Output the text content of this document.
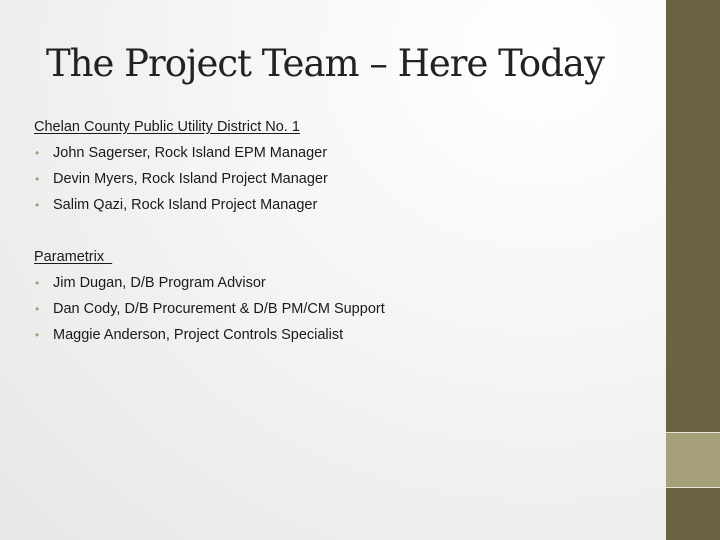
The Project Team – Here Today
Chelan County Public Utility District No. 1
• John Sagerser, Rock Island EPM Manager
• Devin Myers, Rock Island Project Manager
• Salim Qazi, Rock Island Project Manager
Parametrix
• Jim Dugan, D/B Program Advisor
• Dan Cody, D/B Procurement & D/B PM/CM Support
• Maggie Anderson, Project Controls Specialist
